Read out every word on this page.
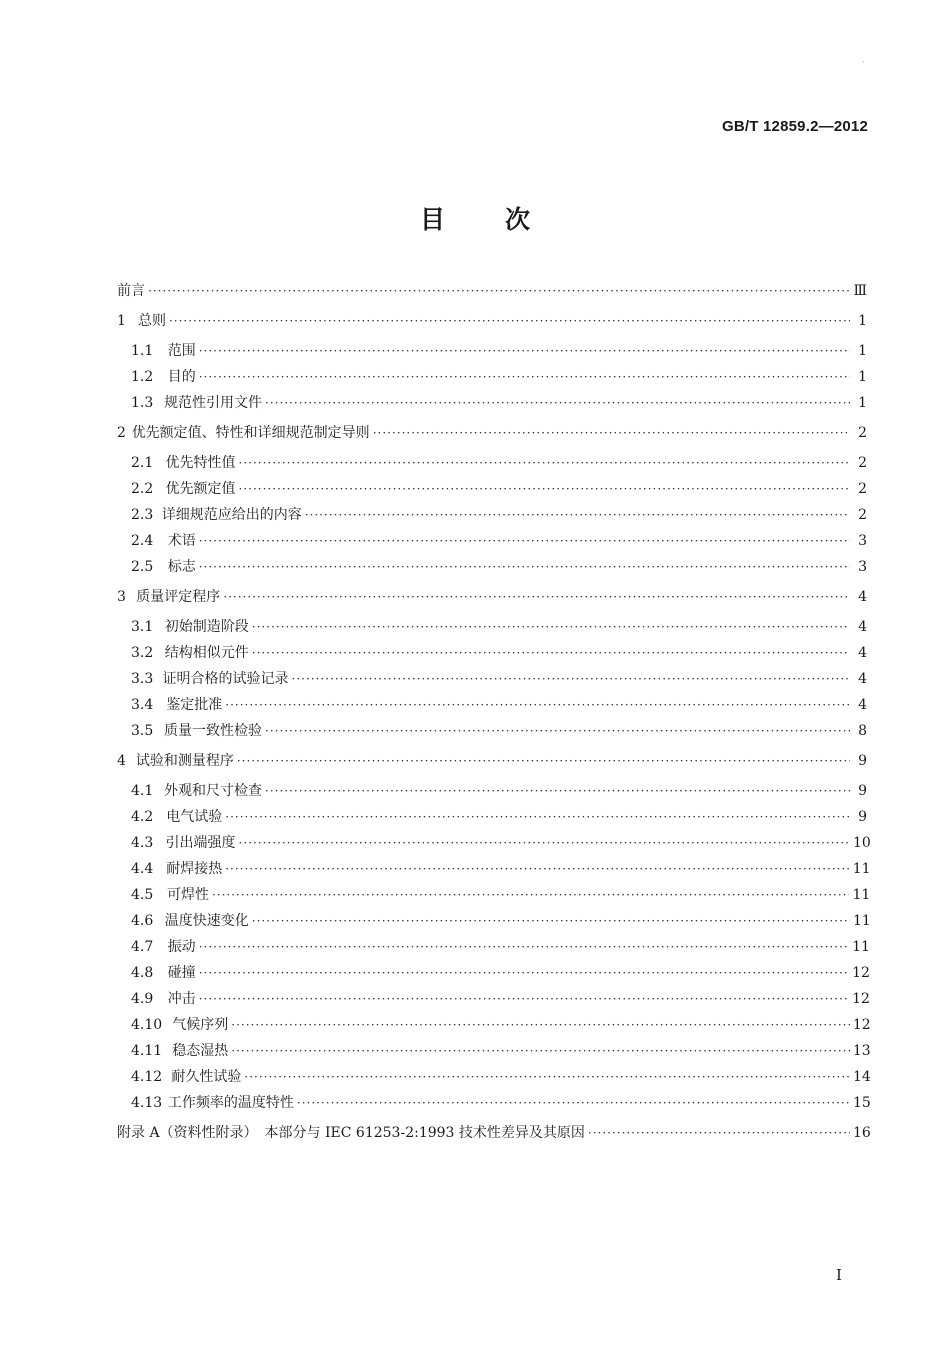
·
GB/T 12859.2—2012
目 次
前言 ·····	Ⅲ
1 总则 ·····	1
1.1	范围 ·····	1
1.2	目的 ·····	1
1.3 规范性引用文件 ·····	1
2 优先额定值、特性和详细规范制定导则 ·····	2
2.1 优先特性值 ·····	2
2.2 优先额定值 ·····	2
2.3 详细规范应给出的内容 ·····	2
2.4	术语 ·····	3
2.5	标志 ·····	3
3 质量评定程序 ·····	4
3.1 初始制造阶段 ·····	4
3.2 结构相似元件 ·····	4
3.3 证明合格的试验记录 ·····	4
3.4 鉴定批准 ·····	4
3.5 质量一致性检验 ·····	8
4 试验和测量程序 ·····	9
4.1 外观和尺寸检查 ·····	9
4.2 电气试验 ·····	9
4.3 引出端强度 ·····	10
4.4 耐焊接热 ·····	11
4.5 可焊性 ·····	11
4.6 温度快速变化 ·····	11
4.7	振动 ·····	11
4.8	碰撞 ·····	12
4.9	冲击 ·····	12
4.10 气候序列 ·····	12
4.11 稳态湿热 ·····	13
4.12 耐久性试验 ·····	14
4.13 工作频率的温度特性 ·····	15
附录 A（资料性附录）　本部分与 IEC 61253-2:1993 技术性差异及其原因 ·····	16
I
